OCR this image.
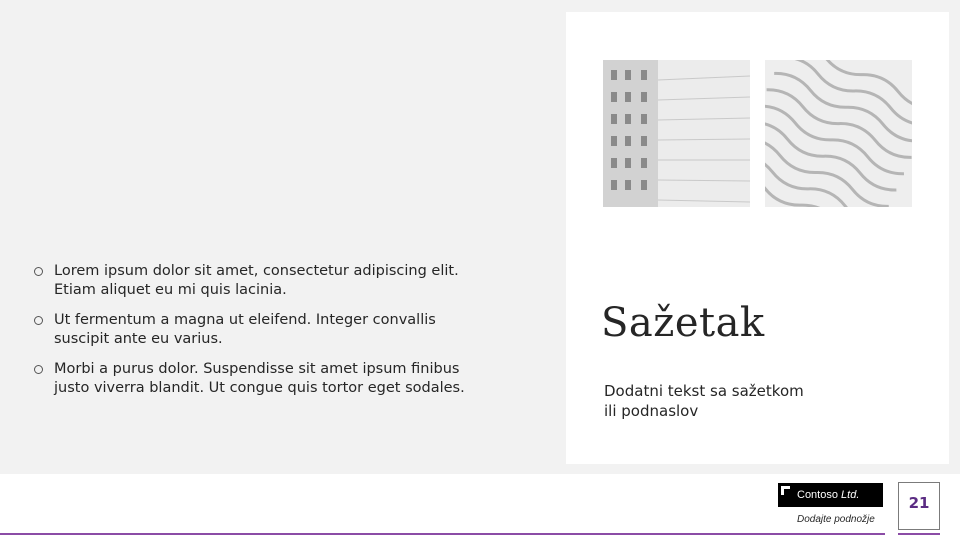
Lorem ipsum dolor sit amet, consectetur adipiscing elit. Etiam aliquet eu mi quis lacinia.
Ut fermentum a magna ut eleifend. Integer convallis suscipit ante eu varius.
Morbi a purus dolor. Suspendisse sit amet ipsum finibus justo viverra blandit. Ut congue quis tortor eget sodales.
Sažetak
Dodatni tekst sa sažetkom ili podnaslov
Contoso Ltd.
Dodajte podnožje
21
